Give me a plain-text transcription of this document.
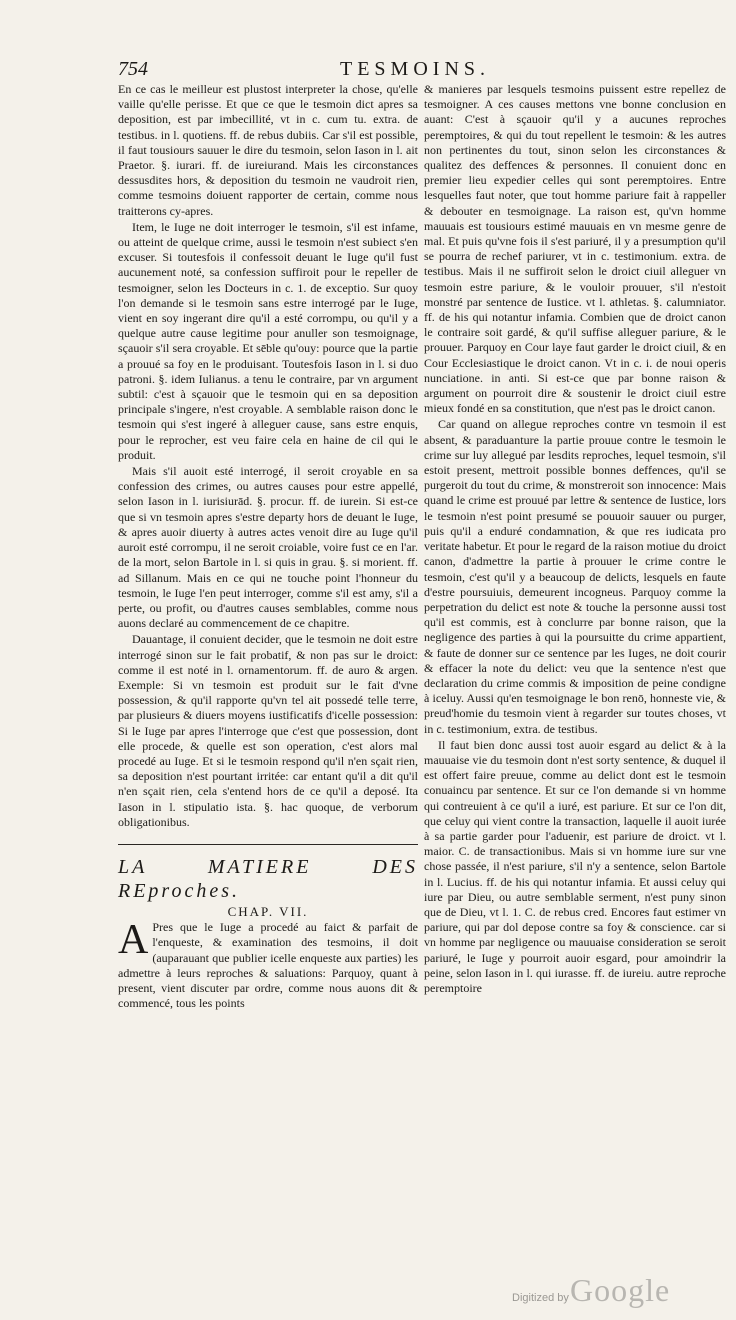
754	TESMOINS.

En ce cas le meilleur est plustost interpreter la chose, qu'elle vaille qu'elle perisse. Et que ce que le tesmoin dict apres sa deposition, est par imbecillité, vt in c. cum tu. extra. de testibus. in l. quotiens. ff. de rebus dubiis. Car s'il est possible, il faut tousiours sauuer le dire du tesmoin, selon Iason in l. ait Praetor. §. iurari. ff. de iureiurand. Mais les circonstances dessusdites hors, & deposition du tesmoin ne vaudroit rien, comme tesmoins doiuent rapporter de certain, comme nous traitterons cy-apres.

Item, le Iuge ne doit interroger le tesmoin, s'il est infame, ou atteint de quelque crime, aussi le tesmoin n'est subiect s'en excuser. Si toutesfois il confessoit deuant le Iuge qu'il fust aucunement noté, sa confession suffiroit pour le repeller de tesmoigner, selon les Docteurs in c. 1. de exceptio. Sur quoy l'on demande si le tesmoin sans estre interrogé par le Iuge, vient en soy ingerant dire qu'il a esté corrompu, ou qu'il y a quelque autre cause legitime pour anuller son tesmoignage, sçauoir s'il sera croyable. Et sēble qu'ouy: pource que la partie a prouué sa foy en le produisant. Toutesfois Iason in l. si duo patroni. §. idem Iulianus. a tenu le contraire, par vn argument subtil: c'est à sçauoir que le tesmoin qui en sa deposition principale s'ingere, n'est croyable. A semblable raison donc le tesmoin qui s'est ingeré à alleguer cause, sans estre enquis, pour le reprocher, est veu faire cela en haine de cil qui le produit.

Mais s'il auoit esté interrogé, il seroit croyable en sa confession des crimes, ou autres causes pour estre appellé, selon Iason in l. iurisiurād. §. procur. ff. de iurein. Si est-ce que si vn tesmoin apres s'estre departy hors de deuant le Iuge, & apres auoir diuerty à autres actes venoit dire au Iuge qu'il auroit esté corrompu, il ne seroit croiable, voire fust ce en l'ar. de la mort, selon Bartole in l. si quis in grau. §. si morient. ff. ad Sillanum. Mais en ce qui ne touche point l'honneur du tesmoin, le Iuge l'en peut interroger, comme s'il est amy, s'il a perte, ou profit, ou d'autres causes semblables, comme nous auons declaré au commencement de ce chapitre.

Dauantage, il conuient decider, que le tesmoin ne doit estre interrogé sinon sur le fait probatif, & non pas sur le droict: comme il est noté in l. ornamentorum. ff. de auro & argen. Exemple: Si vn tesmoin est produit sur le fait d'vne possession, & qu'il rapporte qu'vn tel ait possedé telle terre, par plusieurs & diuers moyens iustificatifs d'icelle possession: Si le Iuge par apres l'interroge que c'est que possession, dont elle procede, & quelle est son operation, c'est alors mal procedé au Iuge. Et si le tesmoin respond qu'il n'en sçait rien, sa deposition n'est pourtant irritée: car entant qu'il a dit qu'il n'en sçait rien, cela s'entend hors de ce qu'il a deposé. Ita Iason in l. stipulatio ista. §. hac quoque, de verborum obligationibus.

LA MATIERE DES REproches.

CHAP. VII.

A Pres que le Iuge a procedé au faict & parfait de l'enqueste, & examination des tesmoins, il doit (auparauant que publier icelle enqueste aux parties) les admettre à leurs reproches & saluations: Parquoy, quant à present, vient discuter par ordre, comme nous auons dit & commencé, tous les points

& manieres par lesquels tesmoins puissent estre repellez de tesmoigner. A ces causes mettons vne bonne conclusion en auant: C'est à sçauoir qu'il y a aucunes reproches peremptoires, & qui du tout repellent le tesmoin: & les autres non pertinentes du tout, sinon selon les circonstances & qualitez des deffences & personnes. Il conuient donc en premier lieu expedier celles qui sont peremptoires. Entre lesquelles faut noter, que tout homme pariure fait à rappeller & debouter en tesmoignage. La raison est, qu'vn homme mauuais est tousiours estimé mauuais en vn mesme genre de mal. Et puis qu'vne fois il s'est pariuré, il y a presumption qu'il se pourra de rechef pariurer, vt in c. testimonium. extra. de testibus. Mais il ne suffiroit selon le droict ciuil alleguer vn tesmoin estre pariure, & le vouloir prouuer, s'il n'estoit monstré par sentence de Iustice. vt l. athletas. §. calumniator. ff. de his qui notantur infamia. Combien que de droict canon le contraire soit gardé, & qu'il suffise alleguer pariure, & le prouuer. Parquoy en Cour laye faut garder le droict ciuil, & en Cour Ecclesiastique le droict canon. Vt in c. i. de noui operis nunciatione. in anti. Si est-ce que par bonne raison & argument on pourroit dire & soustenir le droict ciuil estre mieux fondé en sa constitution, que n'est pas le droict canon.

Car quand on allegue reproches contre vn tesmoin il est absent, & paraduanture la partie prouue contre le tesmoin le crime sur luy allegué par lesdits reproches, lequel tesmoin, s'il estoit present, mettroit possible bonnes deffences, qu'il se purgeroit du tout du crime, & monstreroit son innocence: Mais quand le crime est prouué par lettre & sentence de Iustice, lors le tesmoin n'est point presumé se pouuoir sauuer ou purger, puis qu'il a enduré condamnation, & que res iudicata pro veritate habetur. Et pour le regard de la raison motiue du droict canon, d'admettre la partie à prouuer le crime contre le tesmoin, c'est qu'il y a beaucoup de delicts, lesquels en faute d'estre poursuiuis, demeurent incogneus. Parquoy comme la perpetration du delict est note & touche la personne aussi tost qu'il est commis, est à conclurre par bonne raison, que la negligence des parties à qui la poursuitte du crime appartient, & faute de donner sur ce sentence par les Iuges, ne doit courir & effacer la note du delict: veu que la sentence n'est que declaration du crime commis & imposition de peine condigne à iceluy. Aussi qu'en tesmoignage le bon renō, honneste vie, & preud'homie du tesmoin vient à regarder sur toutes choses, vt in c. testimonium, extra. de testibus.

Il faut bien donc aussi tost auoir esgard au delict & à la mauuaise vie du tesmoin dont n'est sorty sentence, & duquel il est offert faire preuue, comme au delict dont est le tesmoin conuaincu par sentence. Et sur ce l'on demande si vn homme qui contreuient à ce qu'il a iuré, est pariure. Et sur ce l'on dit, que celuy qui vient contre la transaction, laquelle il auoit iurée à sa partie garder pour l'aduenir, est pariure de droict. vt l. maior. C. de transactionibus. Mais si vn homme iure sur vne chose passée, il n'est pariure, s'il n'y a sentence, selon Bartole in l. Lucius. ff. de his qui notantur infamia. Et aussi celuy qui iure par Dieu, ou autre semblable serment, n'est puny sinon que de Dieu, vt l. 1. C. de rebus cred. Encores faut estimer vn pariure, qui par dol depose contre sa foy & conscience. car si vn homme par negligence ou mauuaise consideration se seroit pariuré, le Iuge y pourroit auoir esgard, pour amoindrir la peine, selon Iason in l. qui iurasse. ff. de iureiu. autre reproche peremptoire

Digitized by Google
